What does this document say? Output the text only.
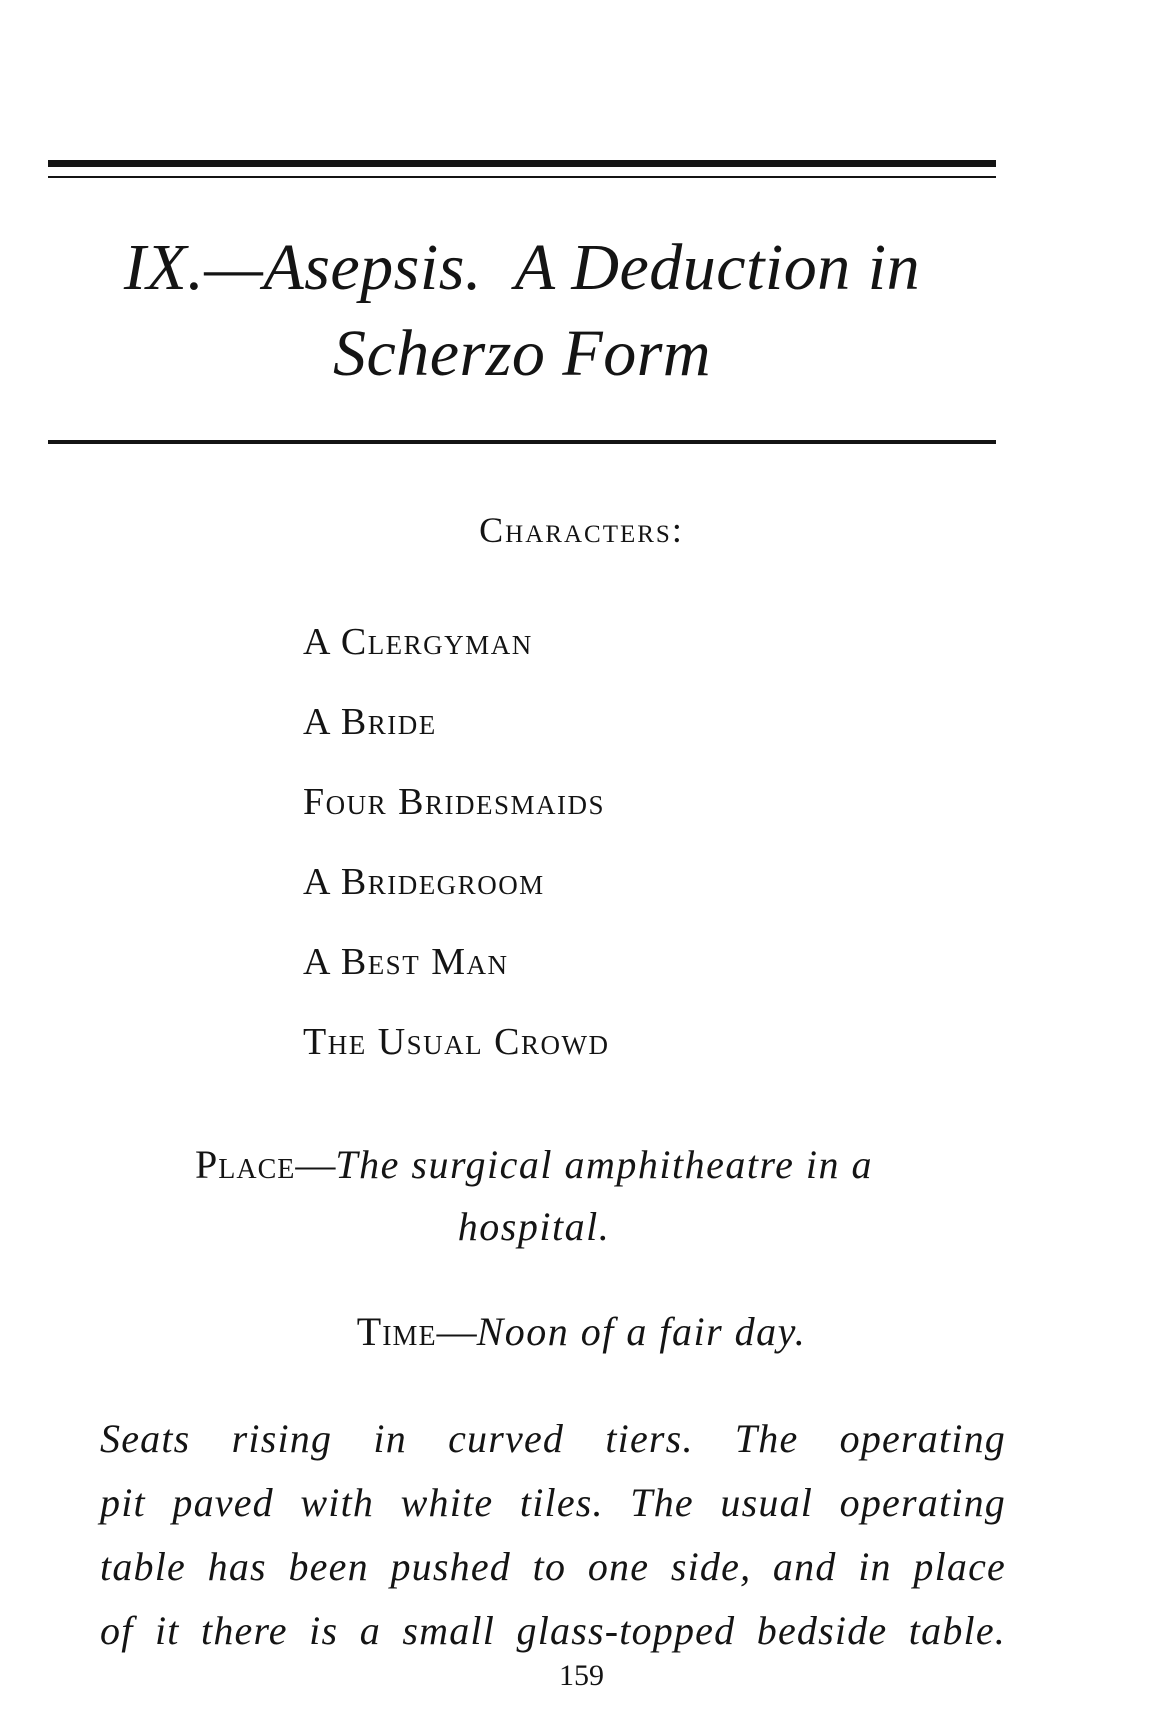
IX.—Asepsis.  A Deduction in
Scherzo Form
Characters:
A Clergyman
A Bride
Four Bridesmaids
A Bridegroom
A Best Man
The Usual Crowd
Place—The surgical amphitheatre in a
hospital.
Time—Noon of a fair day.

Seats rising in curved tiers. The operating
pit paved with white tiles. The usual operating
table has been pushed to one side, and in place
of it there is a small glass-topped bedside table.

159
